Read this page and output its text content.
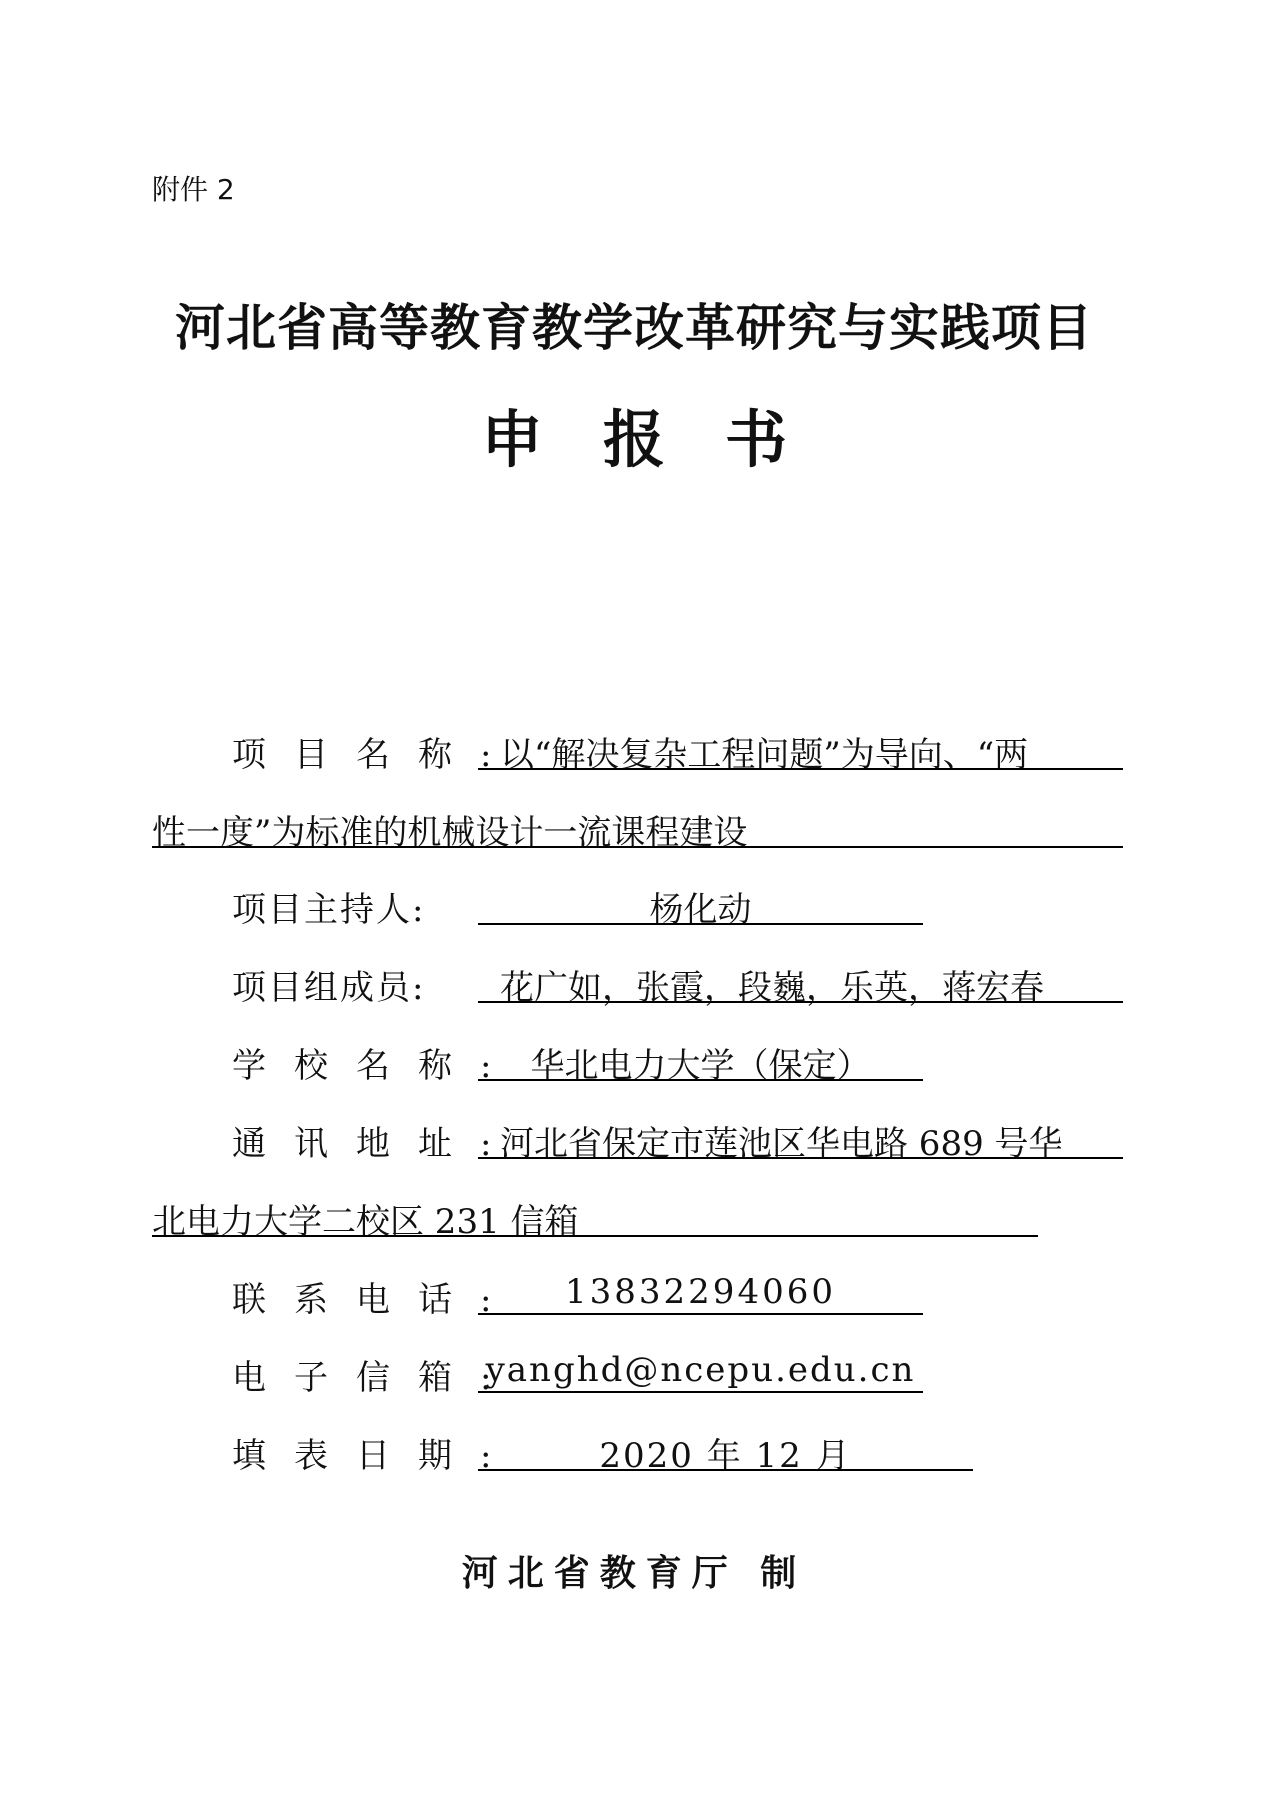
附件 2
河北省高等教育教学改革研究与实践项目
申报书
项目名称:
以“解决复杂工程问题”为导向、“两
性一度”为标准的机械设计一流课程建设
项目主持人:	杨化动
项目组成员: 花广如，张霞，段巍，乐英，蒋宏春
学校名称: 华北电力大学（保定）
通讯地址:
河北省保定市莲池区华电路 689 号华
北电力大学二校区 231 信箱
联系电话:	13832294060
电子信箱:
yanghd@ncepu.edu.cn
填表日期:	2020 年 12 月
河北省教育厅 制
